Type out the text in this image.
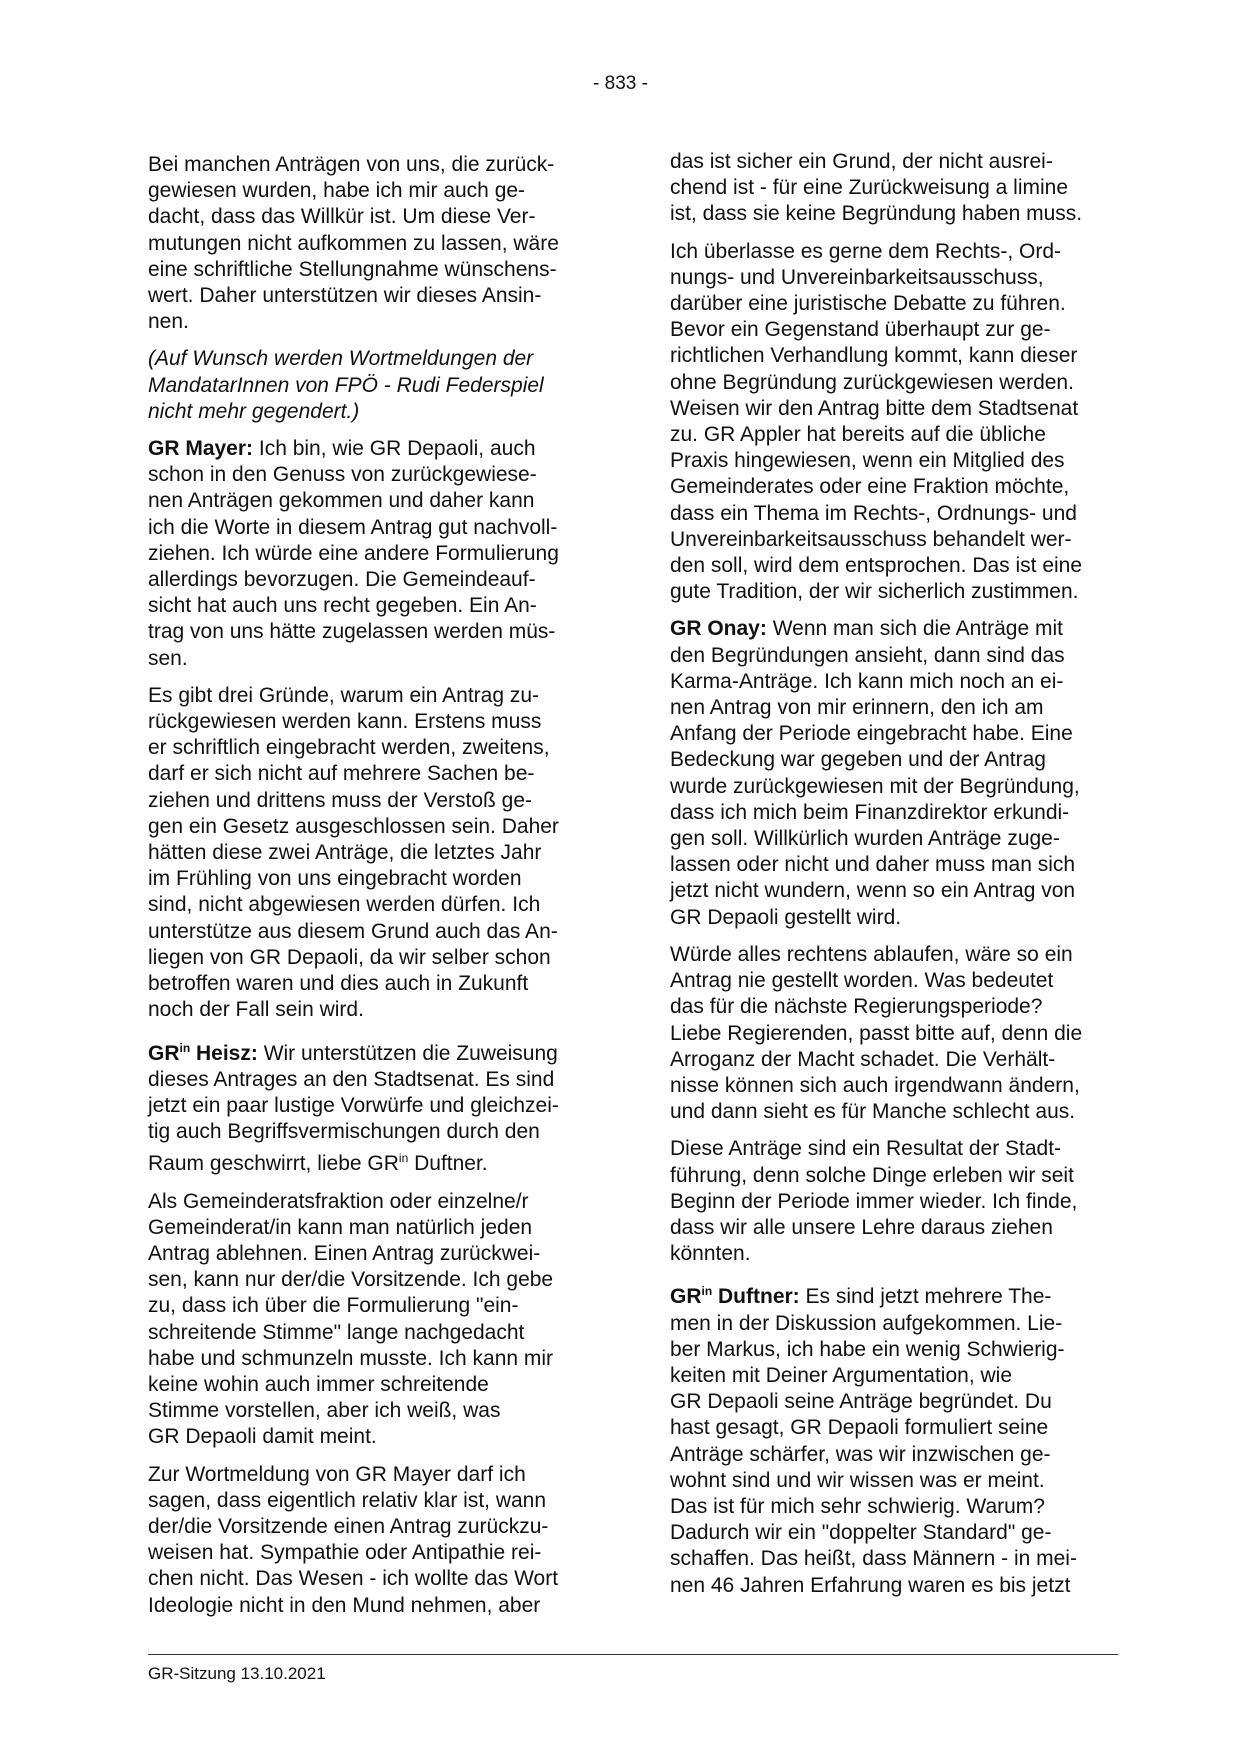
- 833 -

Bei manchen Anträgen von uns, die zurück-
gewiesen wurden, habe ich mir auch ge-
dacht, dass das Willkür ist. Um diese Ver-
mutungen nicht aufkommen zu lassen, wäre
eine schriftliche Stellungnahme wünschens-
wert. Daher unterstützen wir dieses Ansin-
nen.

(Auf Wunsch werden Wortmeldungen der
MandatarInnen von FPÖ - Rudi Federspiel
nicht mehr gegendert.)

GR Mayer: Ich bin, wie GR Depaoli, auch
schon in den Genuss von zurückgewiese-
nen Anträgen gekommen und daher kann
ich die Worte in diesem Antrag gut nachvoll-
ziehen. Ich würde eine andere Formulierung
allerdings bevorzugen. Die Gemeindeauf-
sicht hat auch uns recht gegeben. Ein An-
trag von uns hätte zugelassen werden müs-
sen.

Es gibt drei Gründe, warum ein Antrag zu-
rückgewiesen werden kann. Erstens muss
er schriftlich eingebracht werden, zweitens,
darf er sich nicht auf mehrere Sachen be-
ziehen und drittens muss der Verstoß ge-
gen ein Gesetz ausgeschlossen sein. Daher
hätten diese zwei Anträge, die letztes Jahr
im Frühling von uns eingebracht worden
sind, nicht abgewiesen werden dürfen. Ich
unterstütze aus diesem Grund auch das An-
liegen von GR Depaoli, da wir selber schon
betroffen waren und dies auch in Zukunft
noch der Fall sein wird.

$GR^{in}$ Heisz: Wir unterstützen die Zuweisung
dieses Antrages an den Stadtsenat. Es sind
jetzt ein paar lustige Vorwürfe und gleichzei-
tig auch Begriffsvermischungen durch den
Raum geschwirrt, liebe $GR^{in}$ Duftner.

Als Gemeinderatsfraktion oder einzelne/r
Gemeinderat/in kann man natürlich jeden
Antrag ablehnen. Einen Antrag zurückwei-
sen, kann nur der/die Vorsitzende. Ich gebe
zu, dass ich über die Formulierung "ein-
schreitende Stimme" lange nachgedacht
habe und schmunzeln musste. Ich kann mir
keine wohin auch immer schreitende
Stimme vorstellen, aber ich weiß, was
GR Depaoli damit meint.

Zur Wortmeldung von GR Mayer darf ich
sagen, dass eigentlich relativ klar ist, wann
der/die Vorsitzende einen Antrag zurückzu-
weisen hat. Sympathie oder Antipathie rei-
chen nicht. Das Wesen - ich wollte das Wort
Ideologie nicht in den Mund nehmen, aber

das ist sicher ein Grund, der nicht ausrei-
chend ist - für eine Zurückweisung a limine
ist, dass sie keine Begründung haben muss.

Ich überlasse es gerne dem Rechts-, Ord-
nungs- und Unvereinbarkeitsausschuss,
darüber eine juristische Debatte zu führen.
Bevor ein Gegenstand überhaupt zur ge-
richtlichen Verhandlung kommt, kann dieser
ohne Begründung zurückgewiesen werden.
Weisen wir den Antrag bitte dem Stadtsenat
zu. GR Appler hat bereits auf die übliche
Praxis hingewiesen, wenn ein Mitglied des
Gemeinderates oder eine Fraktion möchte,
dass ein Thema im Rechts-, Ordnungs- und
Unvereinbarkeitsausschuss behandelt wer-
den soll, wird dem entsprochen. Das ist eine
gute Tradition, der wir sicherlich zustimmen.

GR Onay: Wenn man sich die Anträge mit
den Begründungen ansieht, dann sind das
Karma-Anträge. Ich kann mich noch an ei-
nen Antrag von mir erinnern, den ich am
Anfang der Periode eingebracht habe. Eine
Bedeckung war gegeben und der Antrag
wurde zurückgewiesen mit der Begründung,
dass ich mich beim Finanzdirektor erkundi-
gen soll. Willkürlich wurden Anträge zuge-
lassen oder nicht und daher muss man sich
jetzt nicht wundern, wenn so ein Antrag von
GR Depaoli gestellt wird.

Würde alles rechtens ablaufen, wäre so ein
Antrag nie gestellt worden. Was bedeutet
das für die nächste Regierungsperiode?
Liebe Regierenden, passt bitte auf, denn die
Arroganz der Macht schadet. Die Verhält-
nisse können sich auch irgendwann ändern,
und dann sieht es für Manche schlecht aus.

Diese Anträge sind ein Resultat der Stadt-
führung, denn solche Dinge erleben wir seit
Beginn der Periode immer wieder. Ich finde,
dass wir alle unsere Lehre daraus ziehen
könnten.

$GR^{in}$ Duftner: Es sind jetzt mehrere The-
men in der Diskussion aufgekommen. Lie-
ber Markus, ich habe ein wenig Schwierig-
keiten mit Deiner Argumentation, wie
GR Depaoli seine Anträge begründet. Du
hast gesagt, GR Depaoli formuliert seine
Anträge schärfer, was wir inzwischen ge-
wohnt sind und wir wissen was er meint.
Das ist für mich sehr schwierig. Warum?
Dadurch wir ein "doppelter Standard" ge-
schaffen. Das heißt, dass Männern - in mei-
nen 46 Jahren Erfahrung waren es bis jetzt

GR-Sitzung 13.10.2021
